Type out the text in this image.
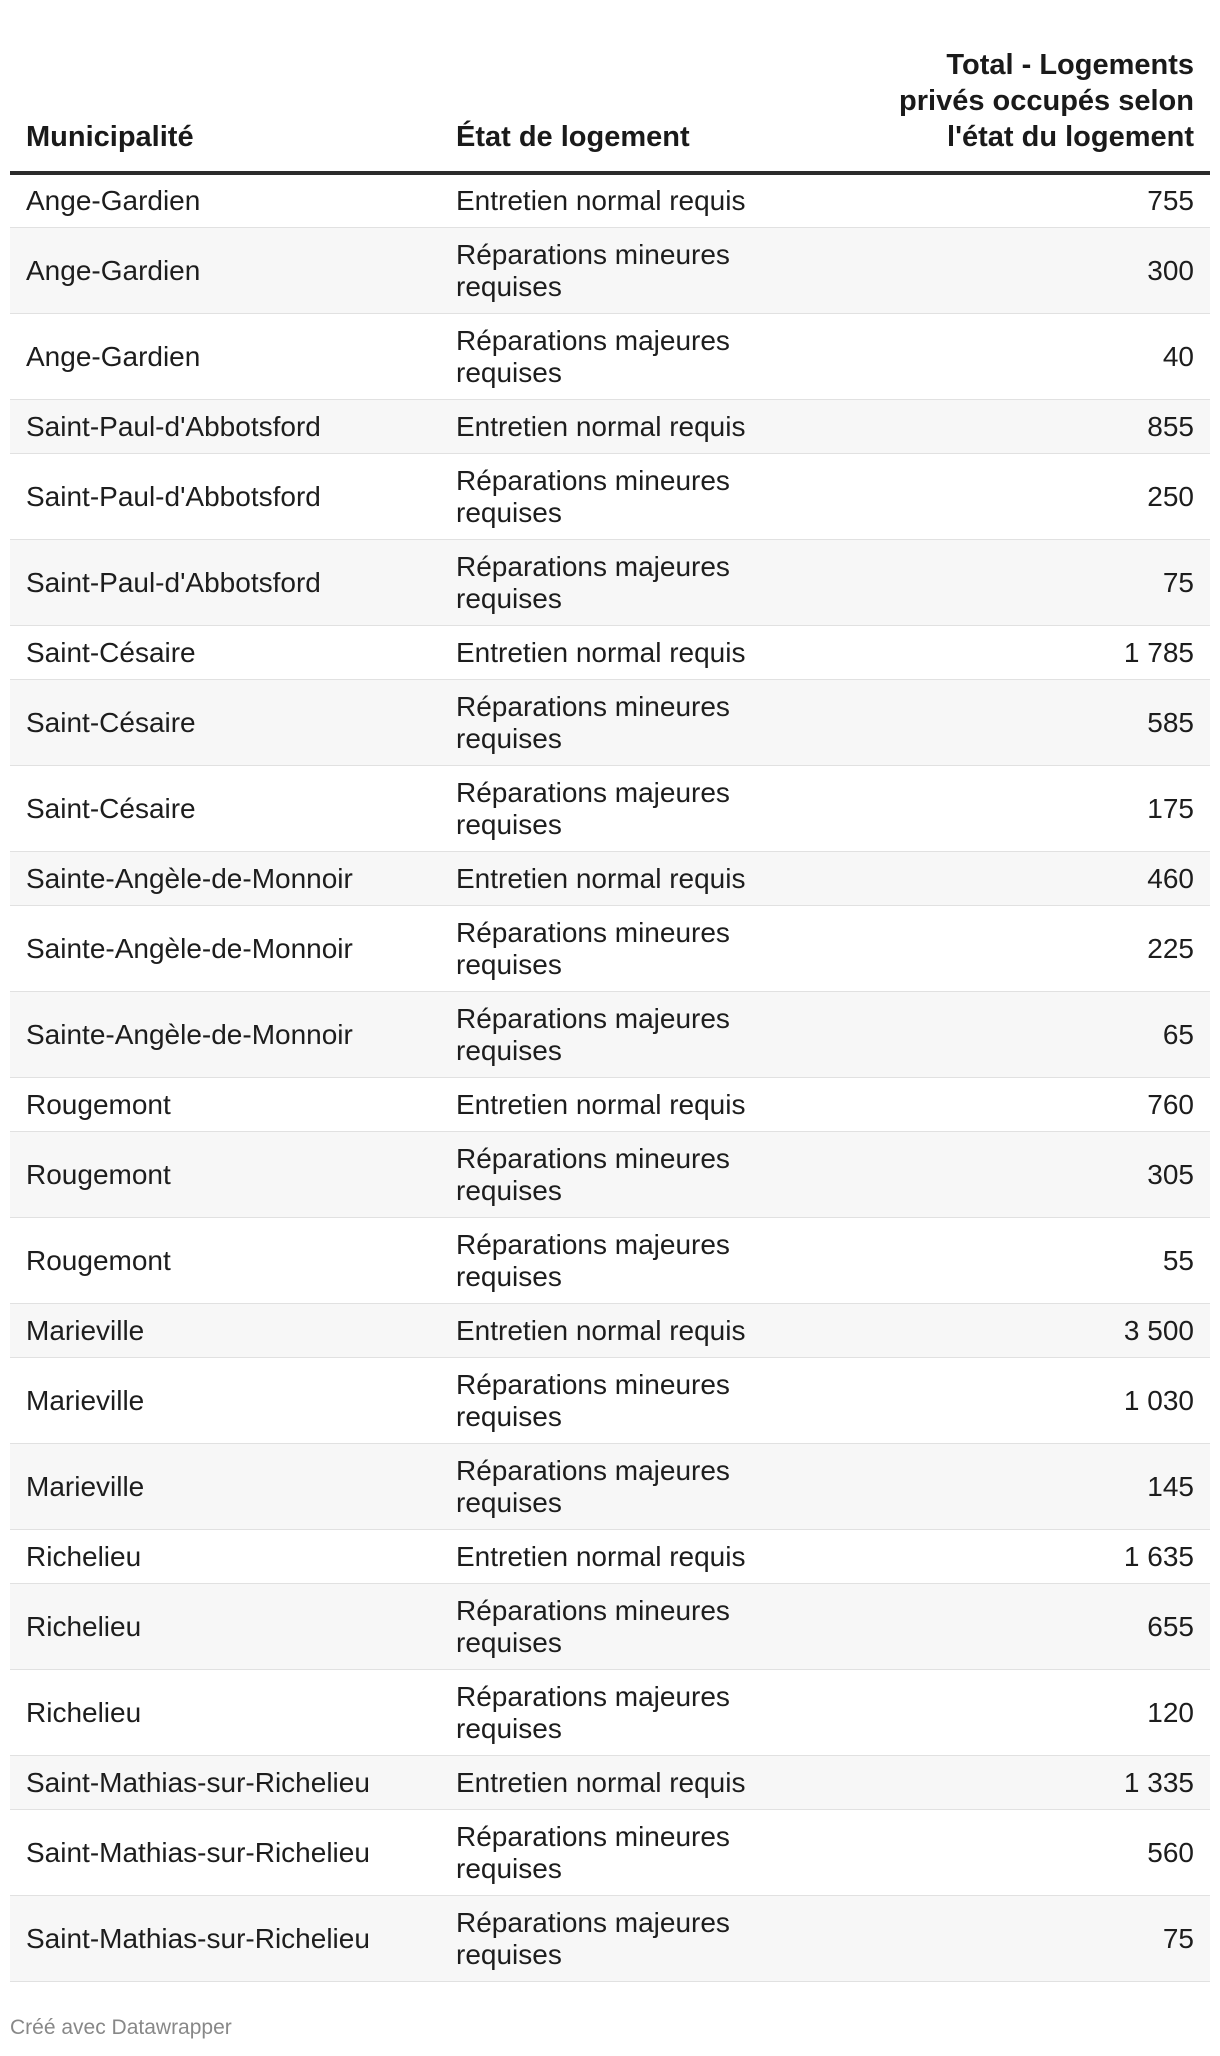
Municipalité	État de logement	Total - Logements
privés occupés selon
l'état du logement
Ange-Gardien	Entretien normal requis	755
Ange-Gardien	Réparations mineures requises	300
Ange-Gardien	Réparations majeures requises	40
Saint-Paul-d'Abbotsford	Entretien normal requis	855
Saint-Paul-d'Abbotsford	Réparations mineures requises	250
Saint-Paul-d'Abbotsford	Réparations majeures requises	75
Saint-Césaire	Entretien normal requis	1 785
Saint-Césaire	Réparations mineures requises	585
Saint-Césaire	Réparations majeures requises	175
Sainte-Angèle-de-Monnoir	Entretien normal requis	460
Sainte-Angèle-de-Monnoir	Réparations mineures requises	225
Sainte-Angèle-de-Monnoir	Réparations majeures requises	65
Rougemont	Entretien normal requis	760
Rougemont	Réparations mineures requises	305
Rougemont	Réparations majeures requises	55
Marieville	Entretien normal requis	3 500
Marieville	Réparations mineures requises	1 030
Marieville	Réparations majeures requises	145
Richelieu	Entretien normal requis	1 635
Richelieu	Réparations mineures requises	655
Richelieu	Réparations majeures requises	120
Saint-Mathias-sur-Richelieu	Entretien normal requis	1 335
Saint-Mathias-sur-Richelieu	Réparations mineures requises	560
Saint-Mathias-sur-Richelieu	Réparations majeures requises	75
Créé avec Datawrapper
